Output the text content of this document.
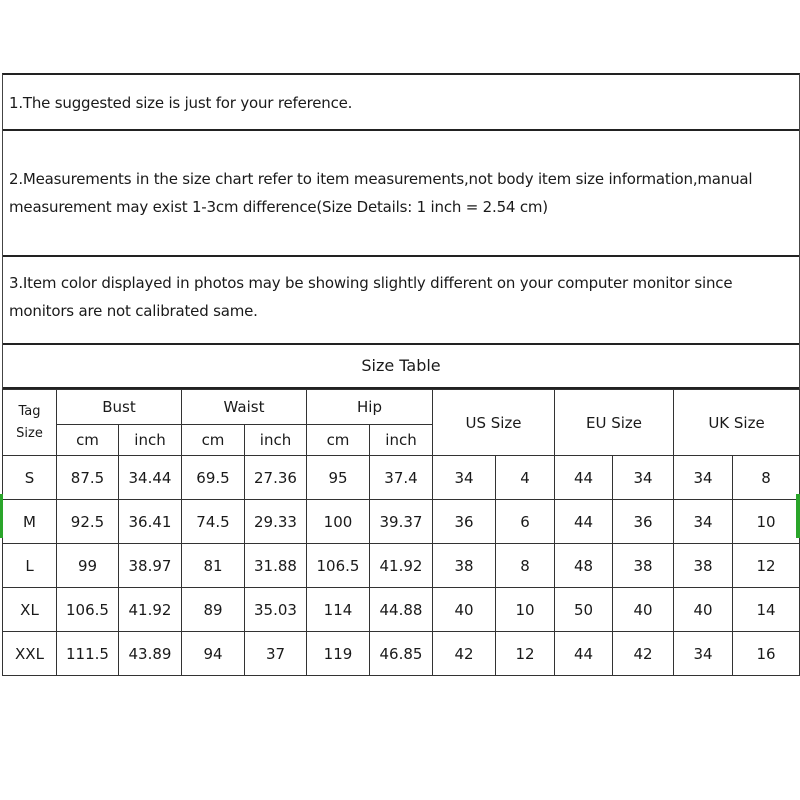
1.The suggested size is just for your reference.
2.Measurements in the size chart refer to item measurements,not body item size information,manual measurement may exist 1-3cm difference(Size Details: 1 inch = 2.54 cm)
3.Item color displayed in photos may be showing slightly different on your computer monitor since monitors are not calibrated same.
Size Table
Tag
Size	Bust		Waist		Hip		US Size		EU Size		UK Size	
	cm	inch	cm	inch	cm	inch						
S	87.5	34.44	69.5	27.36	95	37.4	34	4	44	34	34	8
M	92.5	36.41	74.5	29.33	100	39.37	36	6	44	36	34	10
L	99	38.97	81	31.88	106.5	41.92	38	8	48	38	38	12
XL	106.5	41.92	89	35.03	114	44.88	40	10	50	40	40	14
XXL	111.5	43.89	94	37	119	46.85	42	12	44	42	34	16
